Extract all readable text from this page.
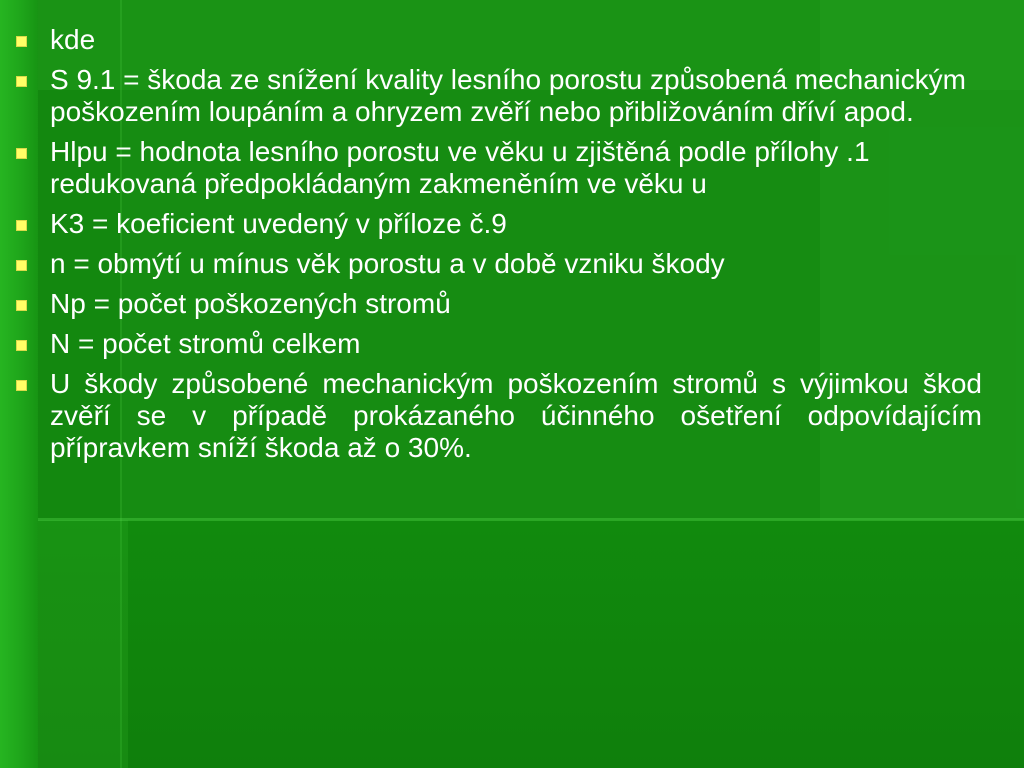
kde
S 9.1 = škoda ze snížení kvality lesního porostu způsobená mechanickým poškozením loupáním a ohryzem zvěří nebo přibližováním dříví apod.
Hlpu = hodnota lesního porostu ve věku u zjištěná podle přílohy .1 redukovaná předpokládaným zakmeněním ve věku u
K3 = koeficient uvedený v příloze č.9
n = obmýtí u mínus věk porostu a v době vzniku škody
Np = počet poškozených stromů
N = počet stromů celkem
U škody způsobené mechanickým poškozením stromů s výjimkou škod zvěří se v případě prokázaného účinného ošetření odpovídajícím přípravkem sníží škoda až o 30%.
